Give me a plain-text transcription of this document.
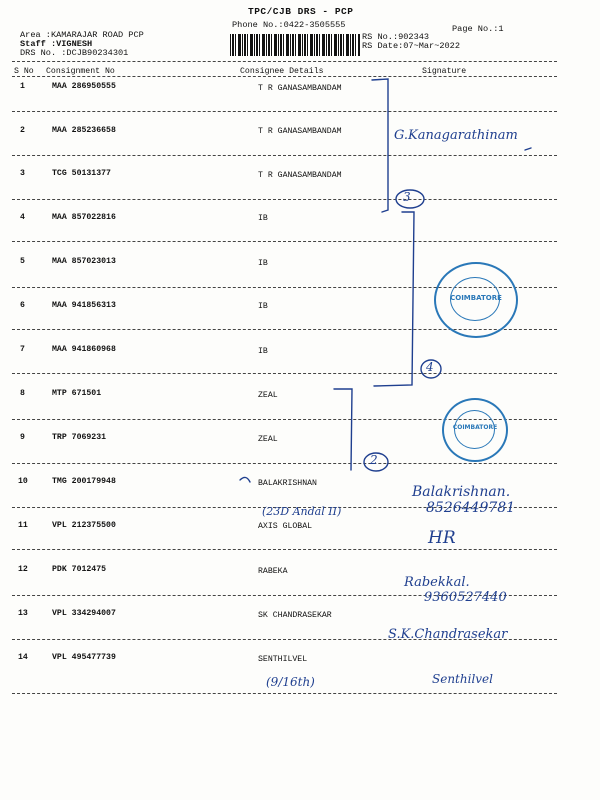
TPC/CJB DRS - PCP
Phone No.:0422-3505555
Area :KAMARAJAR ROAD PCP
Staff :VIGNESH
DRS No. :DCJB90234301
Page No.:1
RS No.:902343
RS Date:07~Mar~2022
S No Consignment No	Consignee Details	Signature
1	MAA 286950555	T R GANASAMBANDAM
2	MAA 285236658	T R GANASAMBANDAM
3	TCG 50131377	T R GANASAMBANDAM
4	MAA 857022816	IB
5	MAA 857023013	IB
6	MAA 941856313	IB
7	MAA 941860968	IB
8	MTP 671501	ZEAL
9	TRP 7069231	ZEAL
10	TMG 200179948	BALAKRISHNAN
11	VPL 212375500	AXIS GLOBAL
12	PDK 7012475	RABEKA
13	VPL 334294007	SK CHANDRASEKAR
14	VPL 495477739	SENTHILVEL
G.Kanagarathinam
3
4
2
Balakrishnan.
8526449781
(23D Andal II)
HR
Rabekkal.
9360527440
S.K.Chandrasekar
(9/16th)	Senthilvel
COIMBATORE
COIMBATORE
